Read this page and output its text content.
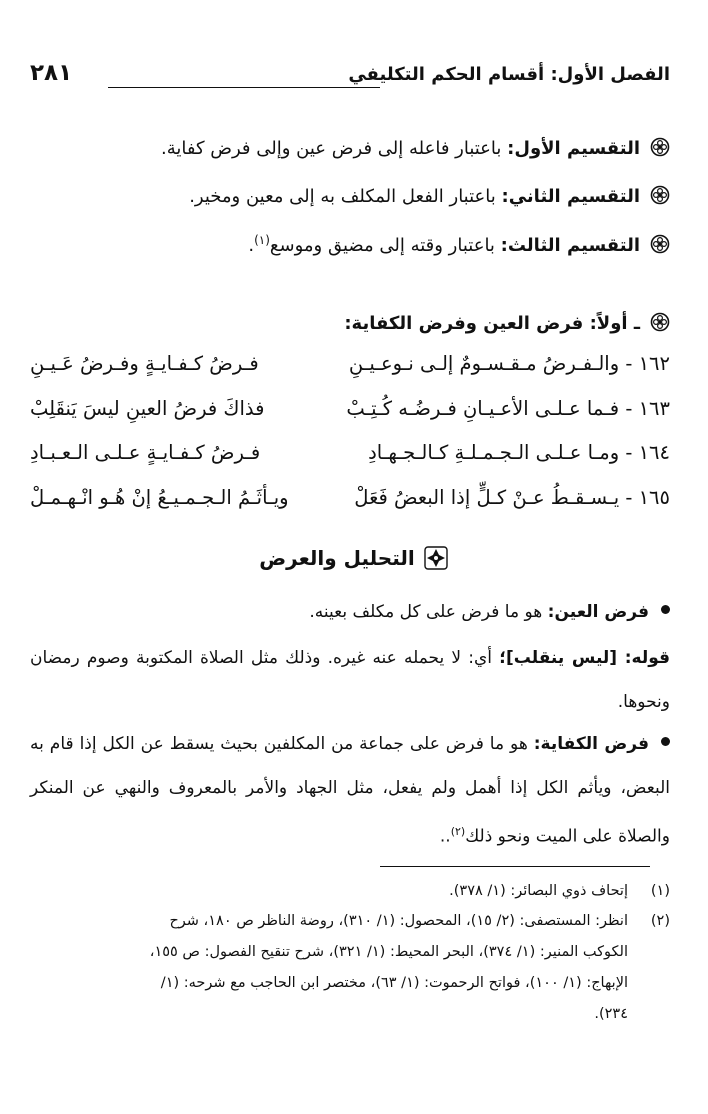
الفصل الأول: أقسام الحكم التكليفي
٢٨١
التقسيم الأول: باعتبار فاعله إلى فرض عين وإلى فرض كفاية.
التقسيم الثاني: باعتبار الفعل المكلف به إلى معين ومخير.
التقسيم الثالث: باعتبار وقته إلى مضيق وموسع$^{(١)}$.
ـ أولاً: فرض العين وفرض الكفاية:
١٦٢ - والـفـرضُ مـقـسـومٌ إلـى نـوعـيـنِ
فـرضُ كـفـايـةٍ وفـرضُ عَـيـنِ
١٦٣ - فـما عـلـى الأعـيـانِ فـرضُـه كُـتِـبْ
فذاكَ فرضُ العينِ ليسَ يَنقَلِبْ
١٦٤ - ومـا عـلـى الـجـمـلـةِ كـالـجـهـادِ
فـرضُ كـفـايـةٍ عـلـى الـعـبـادِ
١٦٥ - يـسـقـطُ عـنْ كـلٍّ إذا البعضُ فَعَلْ
ويـأثَـمُ الـجـمـيـعُ إنْ هُـو انْـهـمـلْ
التحليل والعرض
فرض العين: هو ما فرض على كل مكلف بعينه.
قوله: [ليس ينقلب]؛ أي: لا يحمله عنه غيره. وذلك مثل الصلاة المكتوبة وصوم رمضان ونحوها.
فرض الكفاية: هو ما فرض على جماعة من المكلفين بحيث يسقط عن الكل إذا قام به البعض، ويأثم الكل إذا أهمل ولم يفعل، مثل الجهاد والأمر بالمعروف والنهي عن المنكر والصلاة على الميت ونحو ذلك$^{(٢)}$..
(١)إتحاف ذوي البصائر: (١/ ٣٧٨).
(٢)انظر: المستصفى: (٢/ ١٥)، المحصول: (١/ ٣١٠)، روضة الناظر ص ١٨٠، شرح
الكوكب المنير: (١/ ٣٧٤)، البحر المحيط: (١/ ٣٢١)، شرح تنقيح الفصول: ص ١٥٥،
الإبهاج: (١/ ١٠٠)، فواتح الرحموت: (١/ ٦٣)، مختصر ابن الحاجب مع شرحه: (١/
٢٣٤).
